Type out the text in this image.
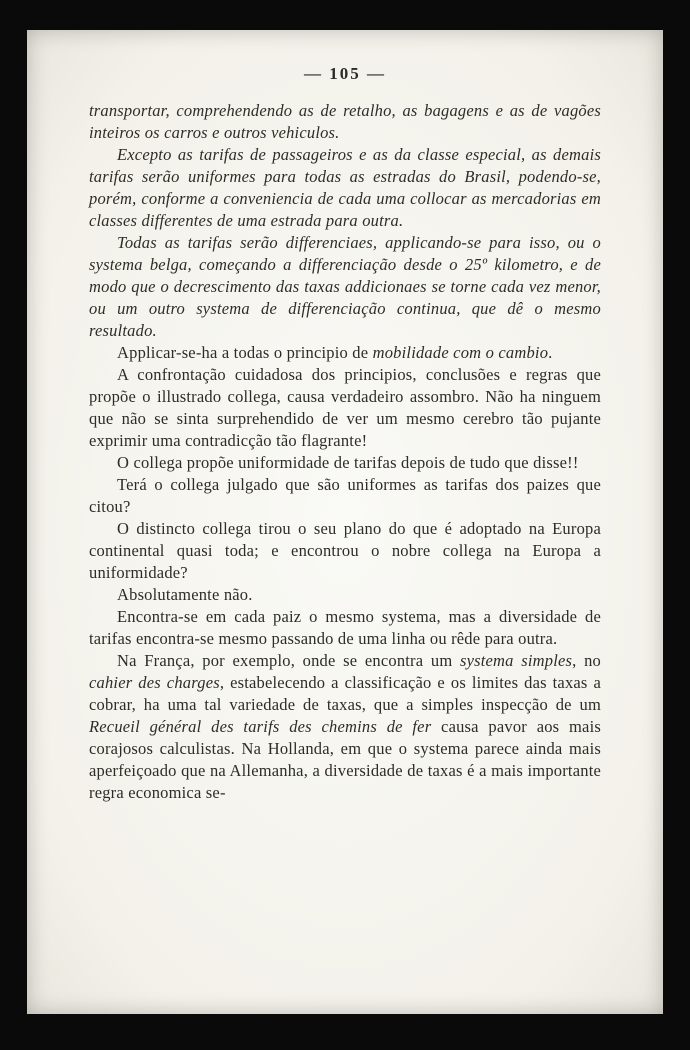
— 105 —

transportar, comprehendendo as de retalho, as bagagens e as de vagões inteiros os carros e outros vehiculos.

Excepto as tarifas de passageiros e as da classe especial, as demais tarifas serão uniformes para todas as estradas do Brasil, podendo-se, porém, conforme a conveniencia de cada uma collocar as mercadorias em classes differentes de uma estrada para outra.

Todas as tarifas serão differenciaes, applicando-se para isso, ou o systema belga, começando a differenciação desde o 25º kilometro, e de modo que o decrescimento das taxas addicionaes se torne cada vez menor, ou um outro systema de differenciação continua, que dê o mesmo resultado.

Applicar-se-ha a todas o principio de mobilidade com o cambio.

A confrontação cuidadosa dos principios, conclusões e regras que propõe o illustrado collega, causa verdadeiro assombro. Não ha ninguem que não se sinta surprehendido de ver um mesmo cerebro tão pujante exprimir uma contradicção tão flagrante!

O collega propõe uniformidade de tarifas depois de tudo que disse!!

Terá o collega julgado que são uniformes as tarifas dos paizes que citou?

O distincto collega tirou o seu plano do que é adoptado na Europa continental quasi toda; e encontrou o nobre collega na Europa a uniformidade?

Absolutamente não.

Encontra-se em cada paiz o mesmo systema, mas a diversidade de tarifas encontra-se mesmo passando de uma linha ou rêde para outra.

Na França, por exemplo, onde se encontra um systema simples, no cahier des charges, estabelecendo a classificação e os limites das taxas a cobrar, ha uma tal variedade de taxas, que a simples inspecção de um Recueil général des tarifs des chemins de fer causa pavor aos mais corajosos calculistas. Na Hollanda, em que o systema parece ainda mais aperfeiçoado que na Allemanha, a diversidade de taxas é a mais importante regra economica se-
